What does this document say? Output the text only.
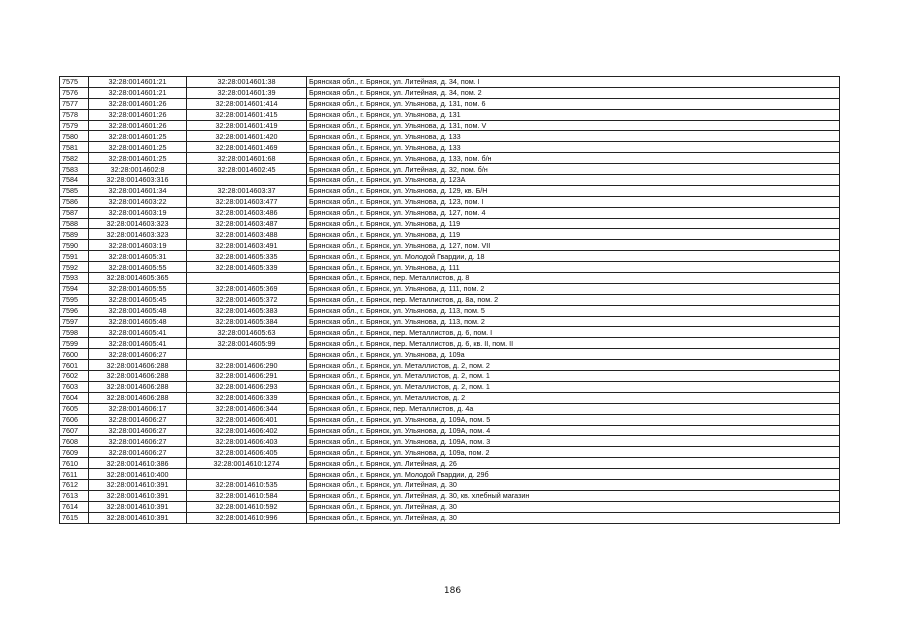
7575	32:28:0014601:21	32:28:0014601:38	Брянская обл., г. Брянск, ул. Литейная, д. 34, пом. I
7576	32:28:0014601:21	32:28:0014601:39	Брянская обл., г. Брянск, ул. Литейная, д. 34, пом. 2
7577	32:28:0014601:26	32:28:0014601:414	Брянская обл., г. Брянск, ул. Ульянова, д. 131, пом. 6
7578	32:28:0014601:26	32:28:0014601:415	Брянская обл., г. Брянск, ул. Ульянова, д. 131
7579	32:28:0014601:26	32:28:0014601:419	Брянская обл., г. Брянск, ул. Ульянова, д. 131, пом. V
7580	32:28:0014601:25	32:28:0014601:420	Брянская обл., г. Брянск, ул. Ульянова, д. 133
7581	32:28:0014601:25	32:28:0014601:469	Брянская обл., г. Брянск, ул. Ульянова, д. 133
7582	32:28:0014601:25	32:28:0014601:68	Брянская обл., г. Брянск, ул. Ульянова, д. 133, пом. б/н
7583	32:28:0014602:8	32:28:0014602:45	Брянская обл., г. Брянск, ул. Литейная, д. 32, пом. б/н
7584	32:28:0014603:316		Брянская обл., г. Брянск, ул. Ульянова, д. 123А
7585	32:28:0014601:34	32:28:0014603:37	Брянская обл., г. Брянск, ул. Ульянова, д. 129, кв. Б/Н
7586	32:28:0014603:22	32:28:0014603:477	Брянская обл., г. Брянск, ул. Ульянова, д. 123, пом. I
7587	32:28:0014603:19	32:28:0014603:486	Брянская обл., г. Брянск, ул. Ульянова, д. 127, пом. 4
7588	32:28:0014603:323	32:28:0014603:487	Брянская обл., г. Брянск, ул. Ульянова, д. 119
7589	32:28:0014603:323	32:28:0014603:488	Брянская обл., г. Брянск, ул. Ульянова, д. 119
7590	32:28:0014603:19	32:28:0014603:491	Брянская обл., г. Брянск, ул. Ульянова, д. 127, пом. VII
7591	32:28:0014605:31	32:28:0014605:335	Брянская обл., г. Брянск, ул. Молодой Гвардии, д. 18
7592	32:28:0014605:55	32:28:0014605:339	Брянская обл., г. Брянск, ул. Ульянова, д. 111
7593	32:28:0014605:365		Брянская обл., г. Брянск, пер. Металлистов, д. 8
7594	32:28:0014605:55	32:28:0014605:369	Брянская обл., г. Брянск, ул. Ульянова, д. 111, пом. 2
7595	32:28:0014605:45	32:28:0014605:372	Брянская обл., г. Брянск, пер. Металлистов, д. 8а, пом. 2
7596	32:28:0014605:48	32:28:0014605:383	Брянская обл., г. Брянск, ул. Ульянова, д. 113, пом. 5
7597	32:28:0014605:48	32:28:0014605:384	Брянская обл., г. Брянск, ул. Ульянова, д. 113, пом. 2
7598	32:28:0014605:41	32:28:0014605:63	Брянская обл., г. Брянск, пер. Металлистов, д. 6, пом. I
7599	32:28:0014605:41	32:28:0014605:99	Брянская обл., г. Брянск, пер. Металлистов, д. 6, кв. II, пом. II
7600	32:28:0014606:27		Брянская обл., г. Брянск, ул. Ульянова, д. 109а
7601	32:28:0014606:288	32:28:0014606:290	Брянская обл., г. Брянск, ул. Металлистов, д. 2, пом. 2
7602	32:28:0014606:288	32:28:0014606:291	Брянская обл., г. Брянск, ул. Металлистов, д. 2, пом. 1
7603	32:28:0014606:288	32:28:0014606:293	Брянская обл., г. Брянск, ул. Металлистов, д. 2, пом. 1
7604	32:28:0014606:288	32:28:0014606:339	Брянская обл., г. Брянск, ул. Металлистов, д. 2
7605	32:28:0014606:17	32:28:0014606:344	Брянская обл., г. Брянск, пер. Металлистов, д. 4а
7606	32:28:0014606:27	32:28:0014606:401	Брянская обл., г. Брянск, ул. Ульянова, д. 109А, пом. 5
7607	32:28:0014606:27	32:28:0014606:402	Брянская обл., г. Брянск, ул. Ульянова, д. 109А, пом. 4
7608	32:28:0014606:27	32:28:0014606:403	Брянская обл., г. Брянск, ул. Ульянова, д. 109А, пом. 3
7609	32:28:0014606:27	32:28:0014606:405	Брянская обл., г. Брянск, ул. Ульянова, д. 109а, пом. 2
7610	32:28:0014610:386	32:28:0014610:1274	Брянская обл., г. Брянск, ул. Литейная, д. 26
7611	32:28:0014610:400		Брянская обл., г. Брянск, ул. Молодой Гвардии, д. 29б
7612	32:28:0014610:391	32:28:0014610:535	Брянская обл., г. Брянск, ул. Литейная, д. 30
7613	32:28:0014610:391	32:28:0014610:584	Брянская обл., г. Брянск, ул. Литейная, д. 30, кв. хлебный магазин
7614	32:28:0014610:391	32:28:0014610:592	Брянская обл., г. Брянск, ул. Литейная, д. 30
7615	32:28:0014610:391	32:28:0014610:996	Брянская обл., г. Брянск, ул. Литейная, д. 30
186
